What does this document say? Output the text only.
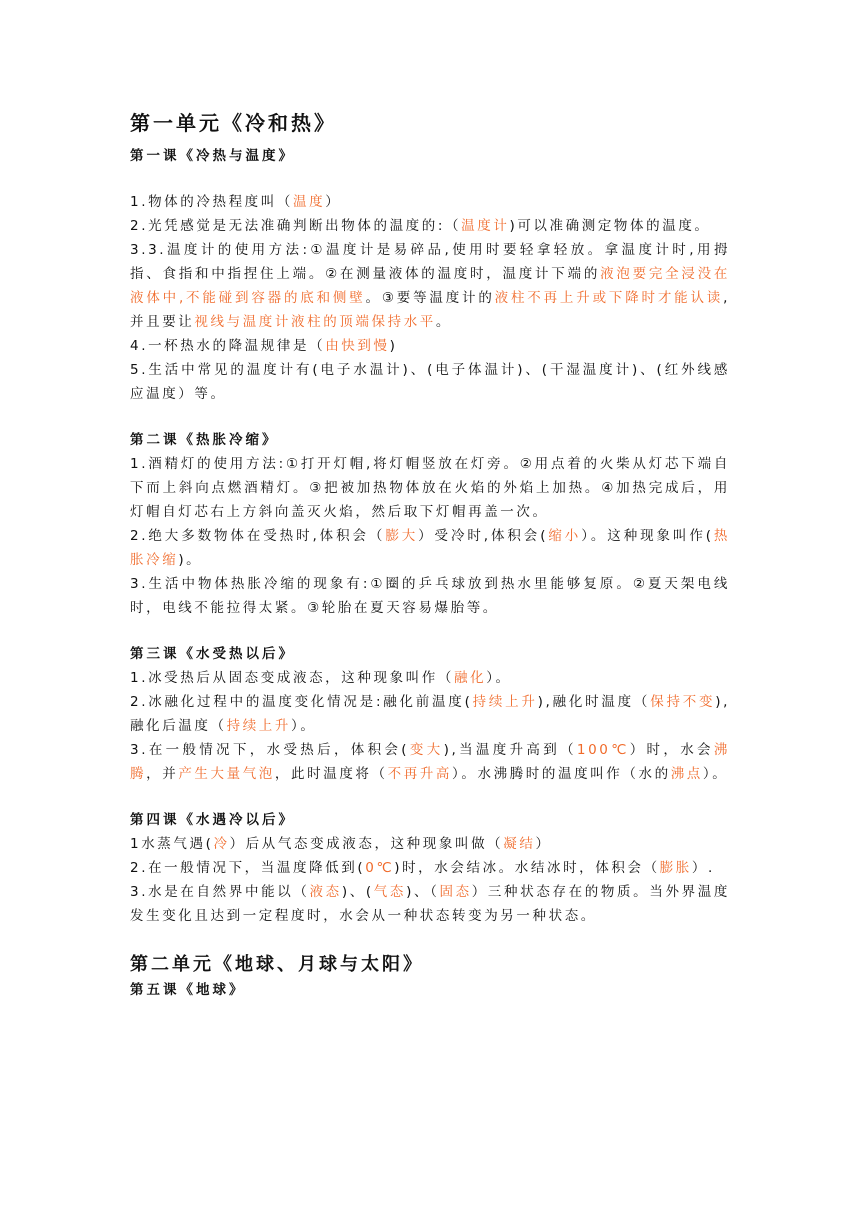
第一单元《冷和热》
第一课《冷热与温度》
1.物体的冷热程度叫（温度）
2.光凭感觉是无法准确判断出物体的温度的:（温度计)可以准确测定物体的温度。
3.3.温度计的使用方法:①温度计是易碎品,使用时要轻拿轻放。拿温度计时,用拇指、食指和中指捏住上端。②在测量液体的温度时，温度计下端的液泡要完全浸没在液体中,不能碰到容器的底和侧壁。③要等温度计的液柱不再上升或下降时才能认读,并且要让视线与温度计液柱的顶端保持水平。
4.一杯热水的降温规律是（由快到慢)
5.生活中常见的温度计有(电子水温计)、(电子体温计)、(干湿温度计)、(红外线感应温度）等。
第二课《热胀冷缩》
1.酒精灯的使用方法:①打开灯帽,将灯帽竖放在灯旁。②用点着的火柴从灯芯下端自下而上斜向点燃酒精灯。③把被加热物体放在火焰的外焰上加热。④加热完成后，用灯帽自灯芯右上方斜向盖灭火焰，然后取下灯帽再盖一次。
2.绝大多数物体在受热时,体积会（膨大）受冷时,体积会(缩小）。这种现象叫作(热胀冷缩)。
3.生活中物体热胀冷缩的现象有:①圈的乒乓球放到热水里能够复原。②夏天架电线时，电线不能拉得太紧。③轮胎在夏天容易爆胎等。
第三课《水受热以后》
1.冰受热后从固态变成液态，这种现象叫作（融化）。
2.冰融化过程中的温度变化情况是:融化前温度(持续上升),融化时温度（保持不变), 融化后温度（持续上升）。
3.在一般情况下，水受热后，体积会(变大),当温度升高到（100℃）时，水会沸腾，并产生大量气泡，此时温度将（不再升高）。水沸腾时的温度叫作（水的沸点）。
第四课《水遇冷以后》
1水蒸气遇(冷）后从气态变成液态，这种现象叫做（凝结）
2.在一般情况下，当温度降低到(0℃)时，水会结冰。水结冰时，体积会（膨胀）.
3.水是在自然界中能以（液态)、(气态)、（固态）三种状态存在的物质。当外界温度发生变化且达到一定程度时，水会从一种状态转变为另一种状态。
第二单元《地球、月球与太阳》
第五课《地球》
